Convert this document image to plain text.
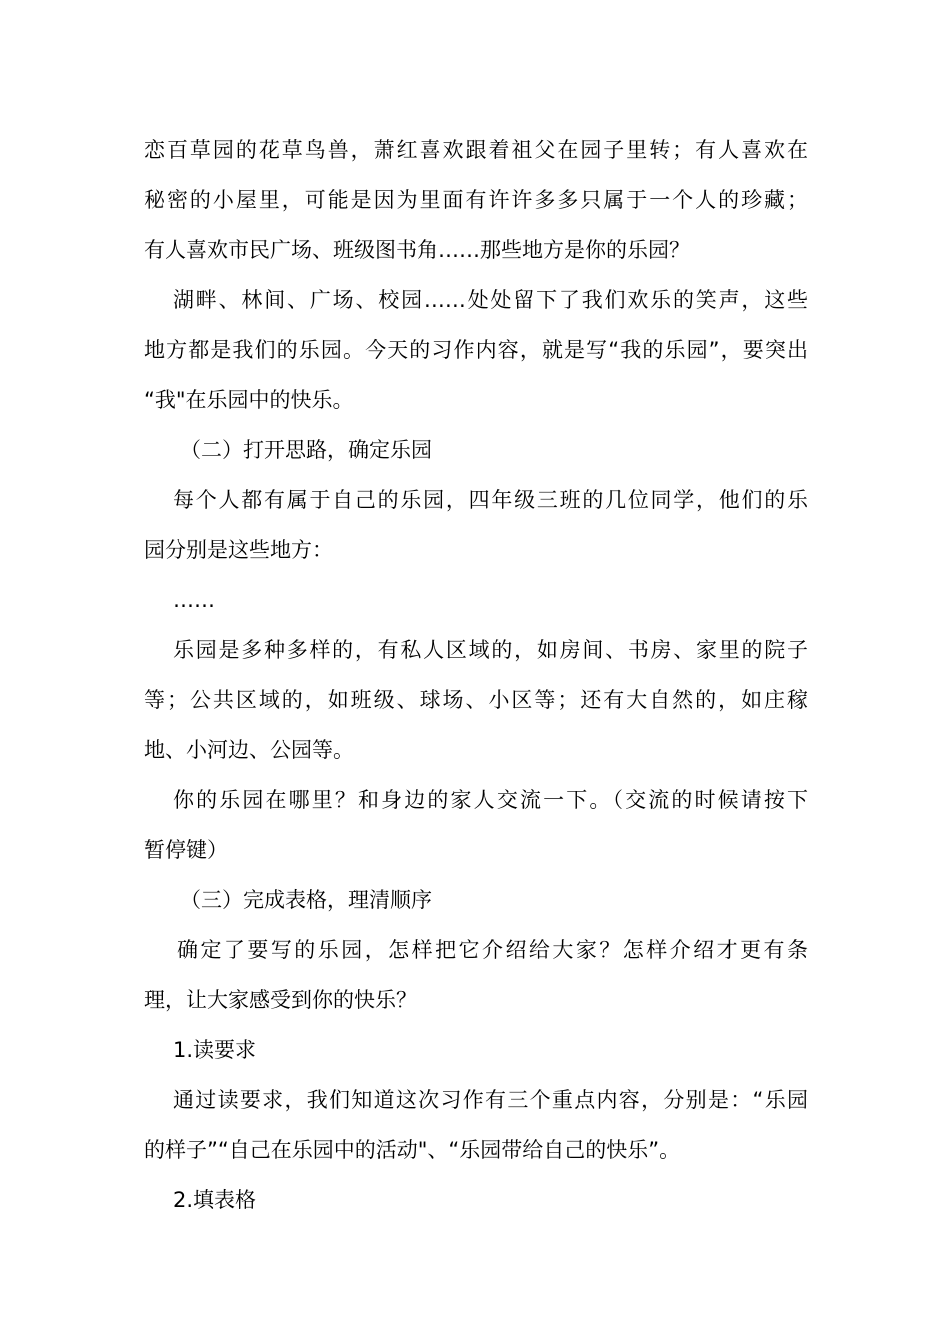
恋百草园的花草鸟兽，萧红喜欢跟着祖父在园子里转；有人喜欢在
秘密的小屋里，可能是因为里面有许许多多只属于一个人的珍藏；
有人喜欢市民广场、班级图书角……那些地方是你的乐园？
湖畔、林间、广场、校园……处处留下了我们欢乐的笑声，这些
地方都是我们的乐园。今天的习作内容，就是写“我的乐园”，要突出
“我"在乐园中的快乐。
（二）打开思路，确定乐园
每个人都有属于自己的乐园，四年级三班的几位同学，他们的乐
园分别是这些地方：
……
乐园是多种多样的，有私人区域的，如房间、书房、家里的院子
等；公共区域的，如班级、球场、小区等；还有大自然的，如庄稼
地、小河边、公园等。
你的乐园在哪里？和身边的家人交流一下。（交流的时候请按下
暂停键）
（三）完成表格，理清顺序
确定了要写的乐园，怎样把它介绍给大家？怎样介绍才更有条
理，让大家感受到你的快乐？
1.读要求
通过读要求，我们知道这次习作有三个重点内容，分别是：“乐园
的样子”“自己在乐园中的活动"、“乐园带给自己的快乐”。
2.填表格
